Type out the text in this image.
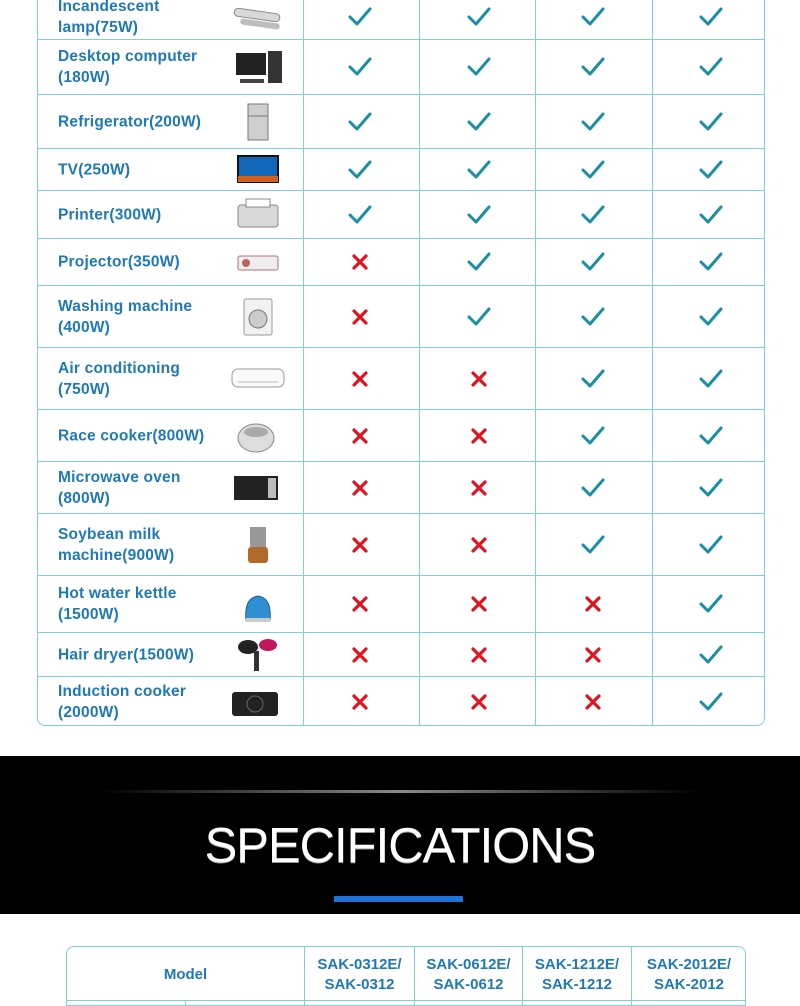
Incandescent
lamp(75W)
Desktop computer
(180W)
Refrigerator(200W)
TV(250W)
Printer(300W)
Projector(350W)
Washing machine
(400W)
Air conditioning
(750W)
Race cooker(800W)
Microwave oven
(800W)
Soybean milk
machine(900W)
Hot water kettle
(1500W)
Hair dryer(1500W)
Induction cooker
(2000W)
SPECIFICATIONS
Model
SAK-0312E/
SAK-0312
SAK-0612E/
SAK-0612
SAK-1212E/
SAK-1212
SAK-2012E/
SAK-2012
